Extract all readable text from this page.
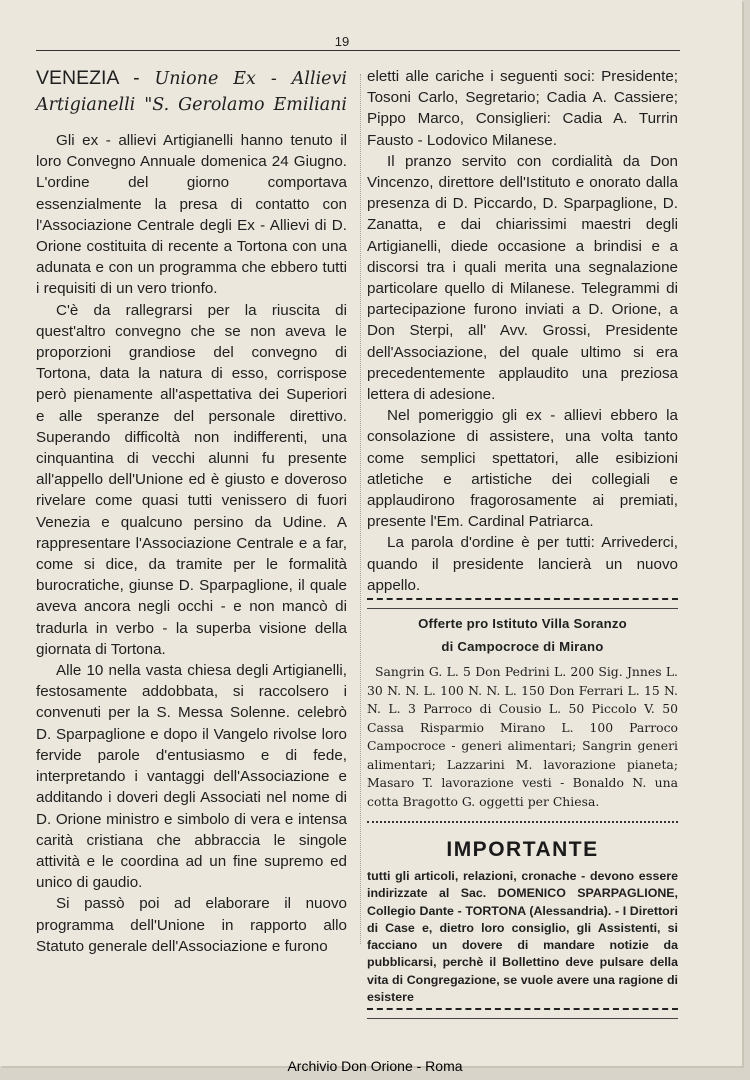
19
VENEZIA - Unione Ex - Allievi Artigianelli "S. Gerolamo Emiliani

Gli ex - allievi Artigianelli hanno tenuto il loro Convegno Annuale domenica 24 Giugno. L'ordine del giorno comportava essenzialmente la presa di contatto con l'Associazione Centrale degli Ex - Allievi di D. Orione costituita di recente a Tortona con una adunata e con un programma che ebbero tutti i requisiti di un vero trionfo.

C'è da rallegrarsi per la riuscita di quest'altro convegno che se non aveva le proporzioni grandiose del convegno di Tortona, data la natura di esso, corrispose però pienamente all'aspettativa dei Superiori e alle speranze del personale direttivo. Superando difficoltà non indifferenti, una cinquantina di vecchi alunni fu presente all'appello dell'Unione ed è giusto e doveroso rivelare come quasi tutti venissero di fuori Venezia e qualcuno persino da Udine. A rappresentare l'Associazione Centrale e a far, come si dice, da tramite per le formalità burocratiche, giunse D. Sparpaglione, il quale aveva ancora negli occhi - e non mancò di tradurla in verbo - la superba visione della giornata di Tortona.

Alle 10 nella vasta chiesa degli Artigianelli, festosamente addobbata, si raccolsero i convenuti per la S. Messa Solenne. celebrò D. Sparpaglione e dopo il Vangelo rivolse loro fervide parole d'entusiasmo e di fede, interpretando i vantaggi dell'Associazione e additando i doveri degli Associati nel nome di D. Orione ministro e simbolo di vera e intensa carità cristiana che abbraccia le singole attività e le coordina ad un fine supremo ed unico di gaudio.

Si passò poi ad elaborare il nuovo programma dell'Unione in rapporto allo Statuto generale dell'Associazione e furono

eletti alle cariche i seguenti soci: Presidente; Tosoni Carlo, Segretario; Cadia A. Cassiere; Pippo Marco, Consiglieri: Cadia A. Turrin Fausto - Lodovico Milanese.

Il pranzo servito con cordialità da Don Vincenzo, direttore dell'Istituto e onorato dalla presenza di D. Piccardo, D. Sparpaglione, D. Zanatta, e dai chiarissimi maestri degli Artigianelli, diede occasione a brindisi e a discorsi tra i quali merita una segnalazione particolare quello di Milanese. Telegrammi di partecipazione furono inviati a D. Orione, a Don Sterpi, all' Avv. Grossi, Presidente dell'Associazione, del quale ultimo si era precedentemente applaudito una preziosa lettera di adesione.

Nel pomeriggio gli ex - allievi ebbero la consolazione di assistere, una volta tanto come semplici spettatori, alle esibizioni atletiche e artistiche dei collegiali e applaudirono fragorosamente ai premiati, presente l'Em. Cardinal Patriarca.

La parola d'ordine è per tutti: Arrivederci, quando il presidente lancierà un nuovo appello.

Offerte pro Istituto Villa Soranzo

di Campocroce di Mirano

Sangrin G. L. 5 Don Pedrini L. 200 Sig. Jnnes L. 30 N. N. L. 100 N. N. L. 150 Don Ferrari L. 15 N. N. L. 3 Parroco di Cousio L. 50 Piccolo V. 50 Cassa Risparmio Mirano L. 100 Parroco Campocroce - generi alimentari; Sangrin generi alimentari; Lazzarini M. lavorazione pianeta; Masaro T. lavorazione vesti - Bonaldo N. una cotta Bragotto G. oggetti per Chiesa.

IMPORTANTE

tutti gli articoli, relazioni, cronache - devono essere indirizzate al Sac. DOMENICO SPARPAGLIONE, Collegio Dante - TORTONA (Alessandria). - I Direttori di Case e, dietro loro consiglio, gli Assistenti, si facciano un dovere di mandare notizie da pubblicarsi, perchè il Bollettino deve pulsare della vita di Congregazione, se vuole avere una ragione di esistere

Archivio Don Orione - Roma
